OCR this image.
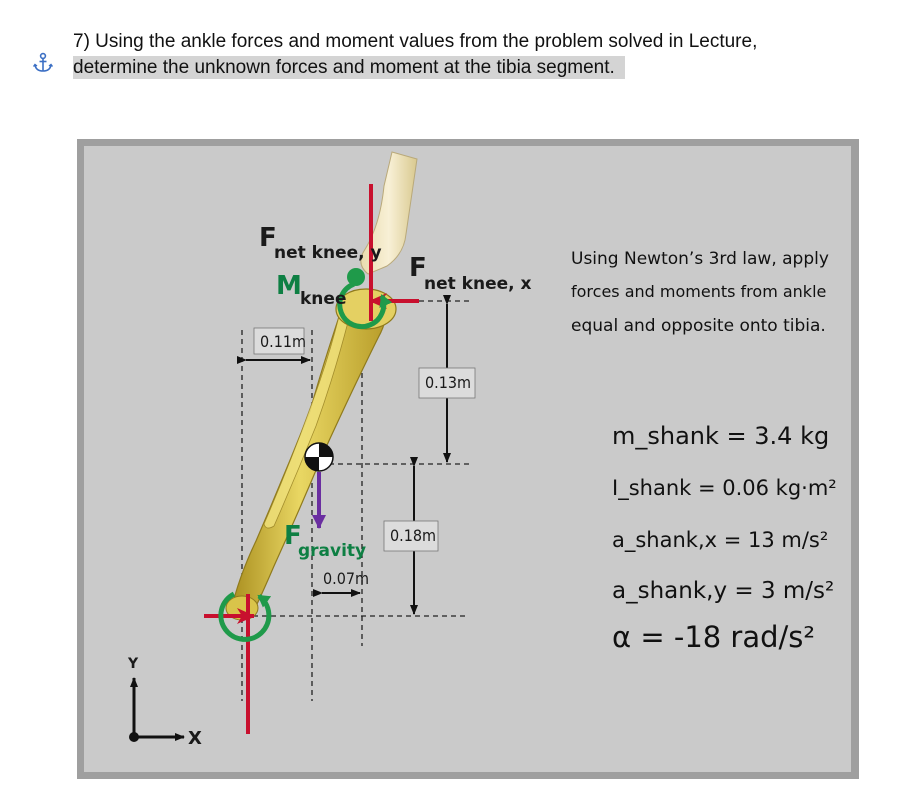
7) Using the ankle forces and moment values from the problem solved in Lecture,
determine the unknown forces and moment at the tibia segment.
0.11m
0.13m
0.18m
0.07m
F
net knee, y
M
knee
F
net knee, x
F
gravity
Y
X
Using Newton’s 3rd law, apply
forces and moments from ankle
equal and opposite onto tibia.
m_shank = 3.4 kg
I_shank = 0.06 kg·m²
a_shank,x = 13 m/s²
a_shank,y = 3 m/s²
α = -18 rad/s²
